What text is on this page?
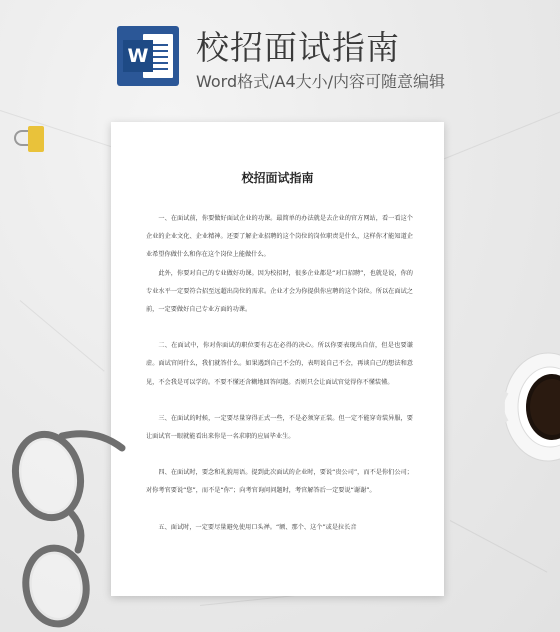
W 校招面试指南
Word格式/A4大小/内容可随意编辑
校招面试指南

一、在面试前，你要做好面试企业的功课。最简单的办法就是去企业的官方网站，看一看这个企业的企业文化、企业精神。还要了解企业招聘的这个岗位的岗位职责是什么，这样你才能知道企业希望你做什么和你在这个岗位上能做什么。

此外，你要对自己的专业做好功课。因为校招时，很多企业都是“对口招聘”，也就是说，你的专业水平一定要符合招至远超出岗位的需求。企业才会为你提供你应聘的这个岗位。所以在面试之前，一定要做好自己专业方面的功课。

二、在面试中，你对你面试的职位要有志在必得的决心。所以你要表现出自信，但是也要谦虚。面试官问什么，我们就答什么。如果遇到自己不会的，表明说自己不会，再谈自己的想法和意见，不会我是可以学的。不要不懂还含糊地回答问题。否则只会让面试官觉得你不懂装懂。

三、在面试的时候，一定要尽量穿得正式一些，不是必须穿正装。但一定不能穿奇装异服，要让面试官一眼就能看出来你是一名求职的应届毕业生。

四、在面试时，要念和礼貌用语。提到此次面试的企业时，要说“贵公司”，而不是你们公司；对你考官要说“您”，而不是“你”；向考官询问问题时，考官解答后一定要说“谢谢”。

五、面试时，一定要尽量避免使用口头禅。“额、那个、这个”或是拉长音
